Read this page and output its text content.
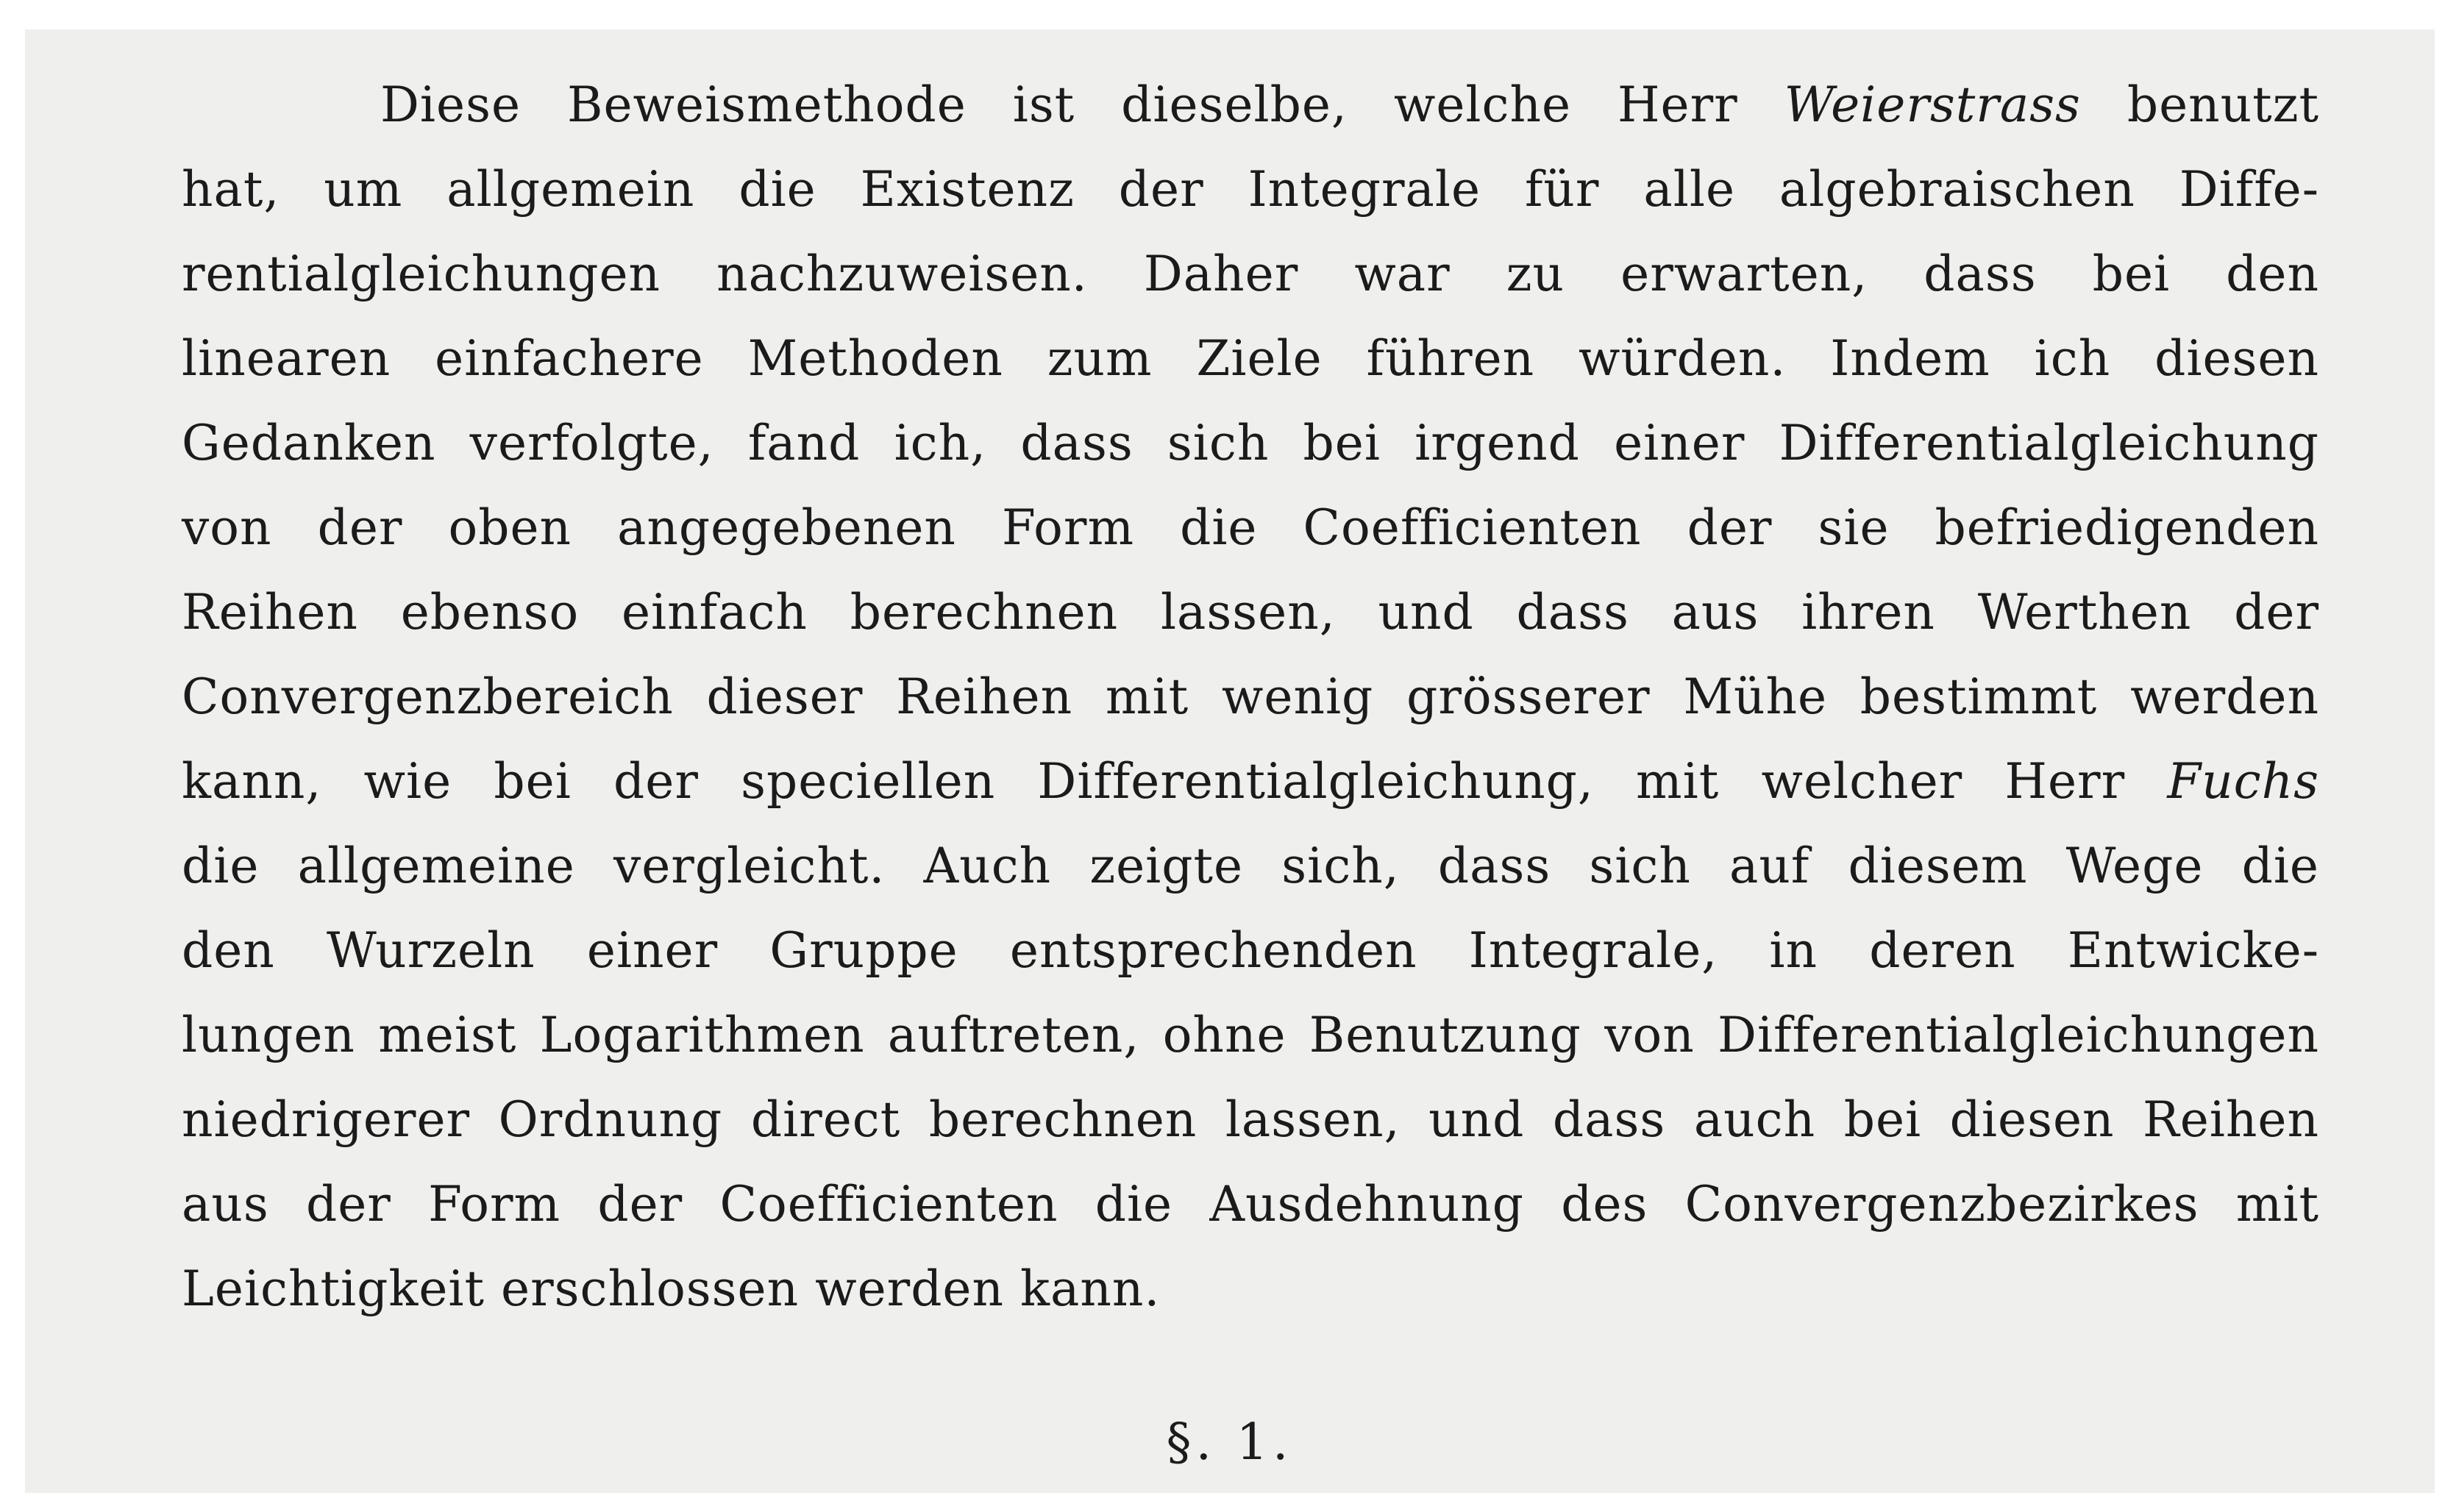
Diese Beweismethode ist dieselbe, welche Herr Weierstrass benutzt
hat, um allgemein die Existenz der Integrale für alle algebraischen Diffe-
rentialgleichungen nachzuweisen. Daher war zu erwarten, dass bei den
linearen einfachere Methoden zum Ziele führen würden. Indem ich diesen
Gedanken verfolgte, fand ich, dass sich bei irgend einer Differentialgleichung
von der oben angegebenen Form die Coefficienten der sie befriedigenden
Reihen ebenso einfach berechnen lassen, und dass aus ihren Werthen der
Convergenzbereich dieser Reihen mit wenig grösserer Mühe bestimmt werden
kann, wie bei der speciellen Differentialgleichung, mit welcher Herr Fuchs
die allgemeine vergleicht. Auch zeigte sich, dass sich auf diesem Wege die
den Wurzeln einer Gruppe entsprechenden Integrale, in deren Entwicke-
lungen meist Logarithmen auftreten, ohne Benutzung von Differentialgleichungen
niedrigerer Ordnung direct berechnen lassen, und dass auch bei diesen Reihen
aus der Form der Coefficienten die Ausdehnung des Convergenzbezirkes mit
Leichtigkeit erschlossen werden kann.
§. 1.
